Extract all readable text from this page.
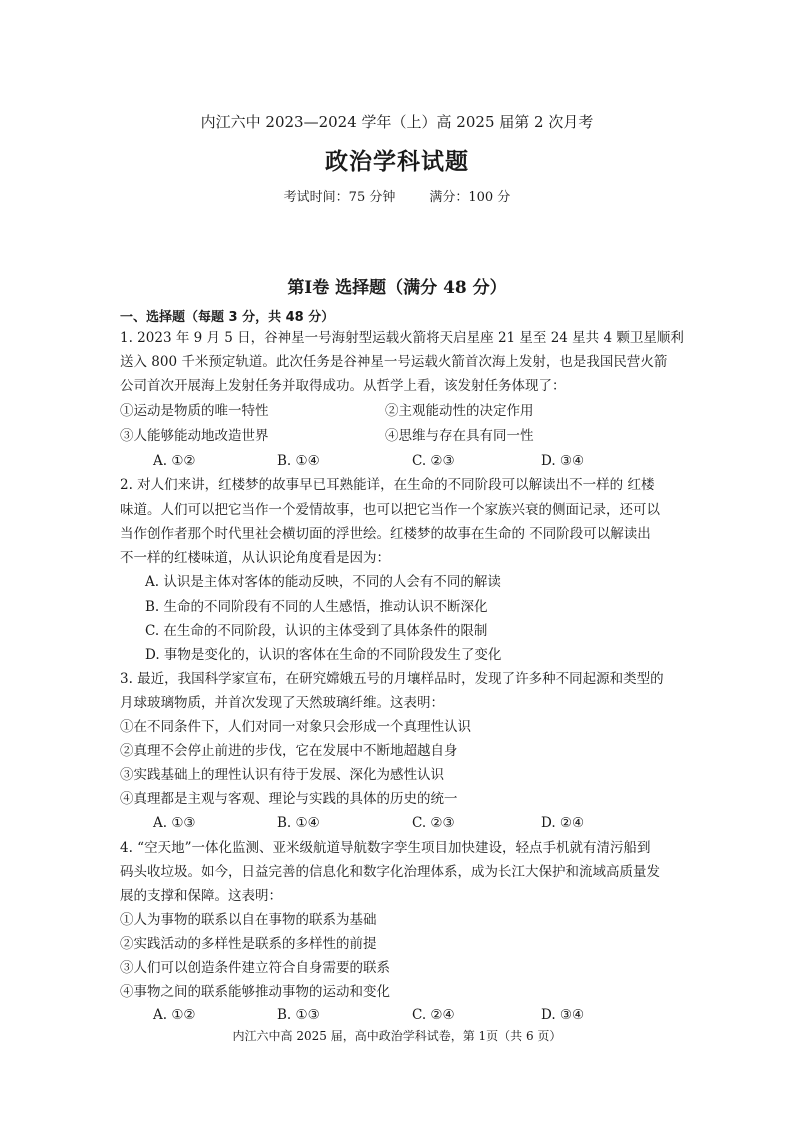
内江六中 2023—2024 学年（上）高 2025 届第 2 次月考
政治学科试题
考试时间：75 分钟	满分：100 分
第Ⅰ卷 选择题（满分 48 分）
一、选择题（每题 3 分，共 48 分）
1. 2023 年 9 月 5 日，谷神星一号海射型运载火箭将天启星座 21 星至 24 星共 4 颗卫星顺利
送入 800 千米预定轨道。此次任务是谷神星一号运载火箭首次海上发射，也是我国民营火箭
公司首次开展海上发射任务并取得成功。从哲学上看，该发射任务体现了：
①运动是物质的唯一特性	②主观能动性的决定作用
③人能够能动地改造世界	④思维与存在具有同一性
A. ①②	B. ①④	C. ②③	D. ③④
2. 对人们来讲，红楼梦的故事早已耳熟能详，在生命的不同阶段可以解读出不一样的 红楼
味道。人们可以把它当作一个爱情故事，也可以把它当作一个家族兴衰的侧面记录，还可以
当作创作者那个时代里社会横切面的浮世绘。红楼梦的故事在生命的 不同阶段可以解读出
不一样的红楼味道，从认识论角度看是因为：
A. 认识是主体对客体的能动反映，不同的人会有不同的解读
B. 生命的不同阶段有不同的人生感悟，推动认识不断深化
C. 在生命的不同阶段，认识的主体受到了具体条件的限制
D. 事物是变化的，认识的客体在生命的不同阶段发生了变化
3. 最近，我国科学家宣布，在研究嫦娥五号的月壤样品时，发现了许多种不同起源和类型的
月球玻璃物质，并首次发现了天然玻璃纤维。这表明：
①在不同条件下，人们对同一对象只会形成一个真理性认识
②真理不会停止前进的步伐，它在发展中不断地超越自身
③实践基础上的理性认识有待于发展、深化为感性认识
④真理都是主观与客观、理论与实践的具体的历史的统一
A. ①③	B. ①④	C. ②③	D. ②④
4. “空天地”一体化监测、亚米级航道导航数字孪生项目加快建设，轻点手机就有清污船到
码头收垃圾。如今，日益完善的信息化和数字化治理体系，成为长江大保护和流域高质量发
展的支撑和保障。这表明：
①人为事物的联系以自在事物的联系为基础
②实践活动的多样性是联系的多样性的前提
③人们可以创造条件建立符合自身需要的联系
④事物之间的联系能够推动事物的运动和变化
A. ①②	B. ①③	C. ②④	D. ③④
内江六中高 2025 届，高中政治学科试卷，第 1页（共 6 页）
